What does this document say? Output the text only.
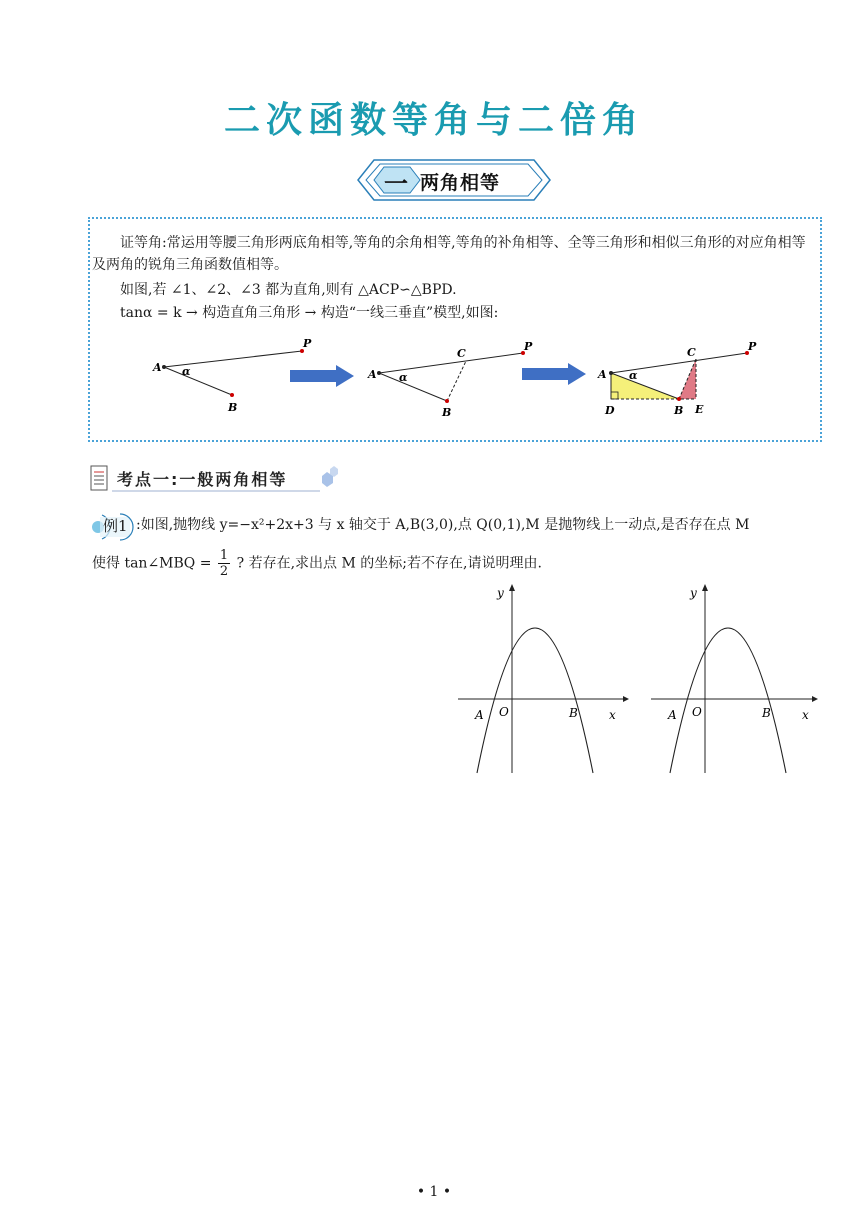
二次函数等角与二倍角
一 两角相等
证等角:常运用等腰三角形两底角相等,等角的余角相等,等角的补角相等、全等三角形和相似三角形的对应角相等及两角的锐角三角函数值相等。
如图,若 ∠1、∠2、∠3 都为直角,则有 △ACP∽△BPD.
tanα = k → 构造直角三角形 → 构造“一线三垂直”模型,如图:
A
P
B
α	A
P
C
B
α	A
P
C
D	B E
α
考点一:一般两角相等
例1 :如图,抛物线 y=−x²+2x+3 与 x 轴交于 A,B(3,0),点 Q(0,1),M 是抛物线上一动点,是否存在点 M
使得 tan∠MBQ = $\frac{1}{2}$ ? 若存在,求出点 M 的坐标;若不存在,请说明理由.
y
x
O
A	B
y
x
O
A	B
• 1 •
